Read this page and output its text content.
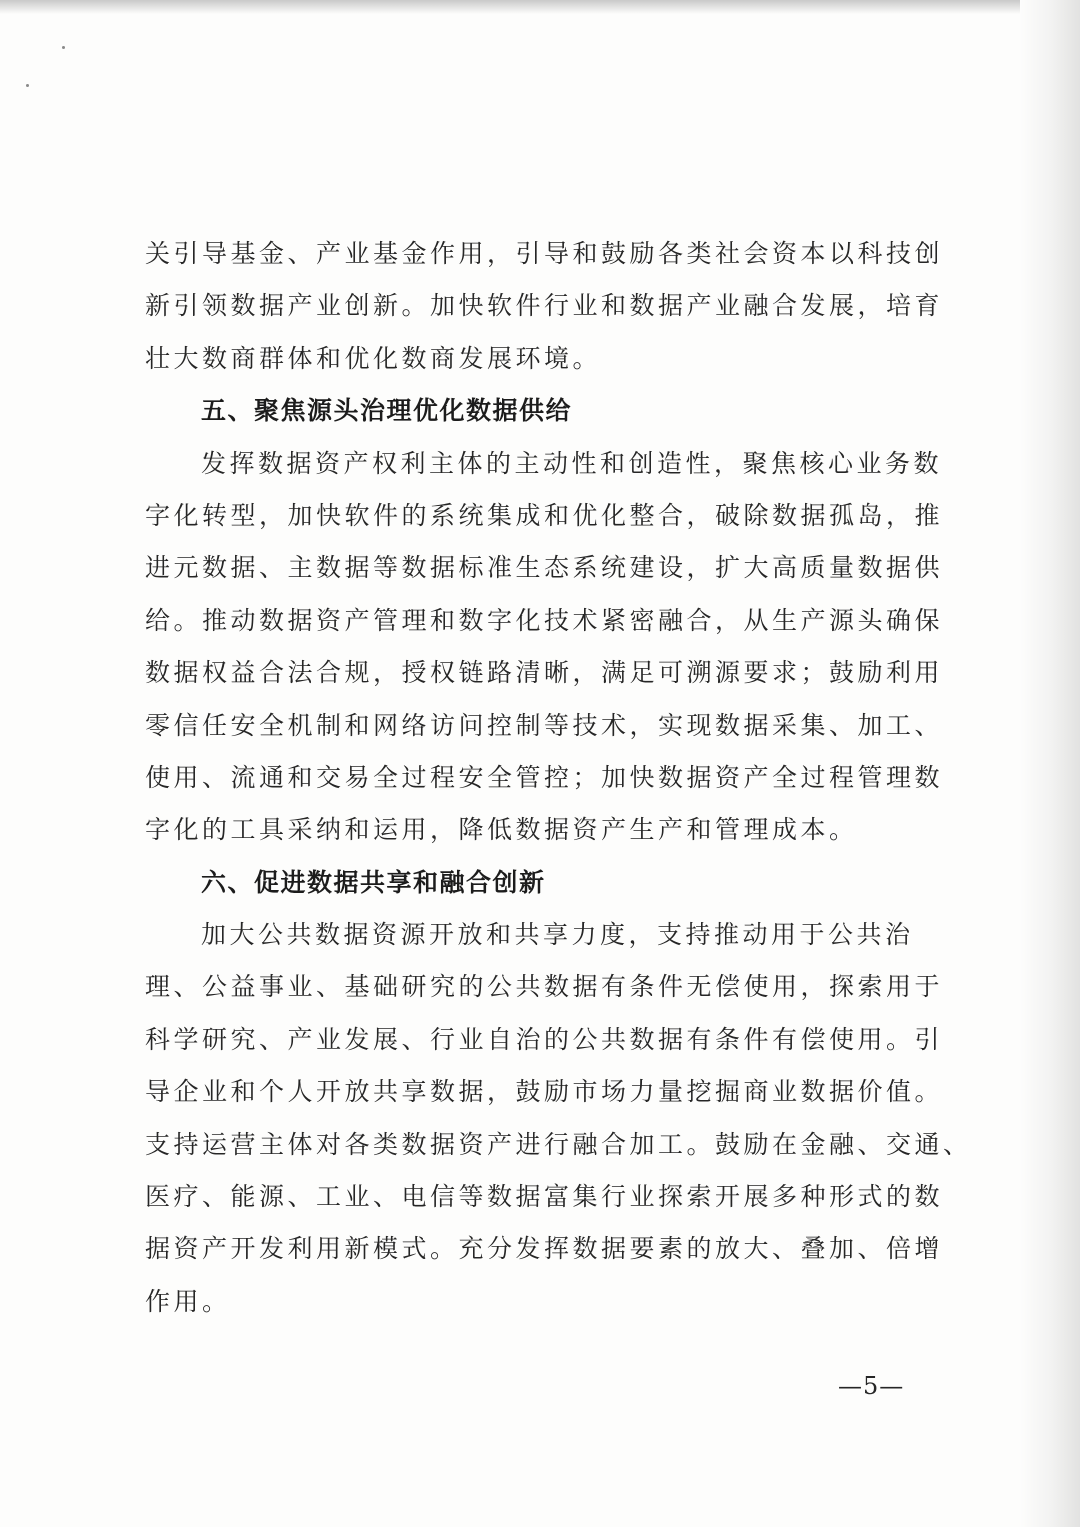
关引导基金、产业基金作用，引导和鼓励各类社会资本以科技创
新引领数据产业创新。加快软件行业和数据产业融合发展，培育
壮大数商群体和优化数商发展环境。
五、聚焦源头治理优化数据供给
发挥数据资产权利主体的主动性和创造性，聚焦核心业务数
字化转型，加快软件的系统集成和优化整合，破除数据孤岛，推
进元数据、主数据等数据标准生态系统建设，扩大高质量数据供
给。推动数据资产管理和数字化技术紧密融合，从生产源头确保
数据权益合法合规，授权链路清晰，满足可溯源要求；鼓励利用
零信任安全机制和网络访问控制等技术，实现数据采集、加工、
使用、流通和交易全过程安全管控；加快数据资产全过程管理数
字化的工具采纳和运用，降低数据资产生产和管理成本。
六、促进数据共享和融合创新
加大公共数据资源开放和共享力度，支持推动用于公共治
理、公益事业、基础研究的公共数据有条件无偿使用，探索用于
科学研究、产业发展、行业自治的公共数据有条件有偿使用。引
导企业和个人开放共享数据，鼓励市场力量挖掘商业数据价值。
支持运营主体对各类数据资产进行融合加工。鼓励在金融、交通、
医疗、能源、工业、电信等数据富集行业探索开展多种形式的数
据资产开发利用新模式。充分发挥数据要素的放大、叠加、倍增
作用。
—5—
